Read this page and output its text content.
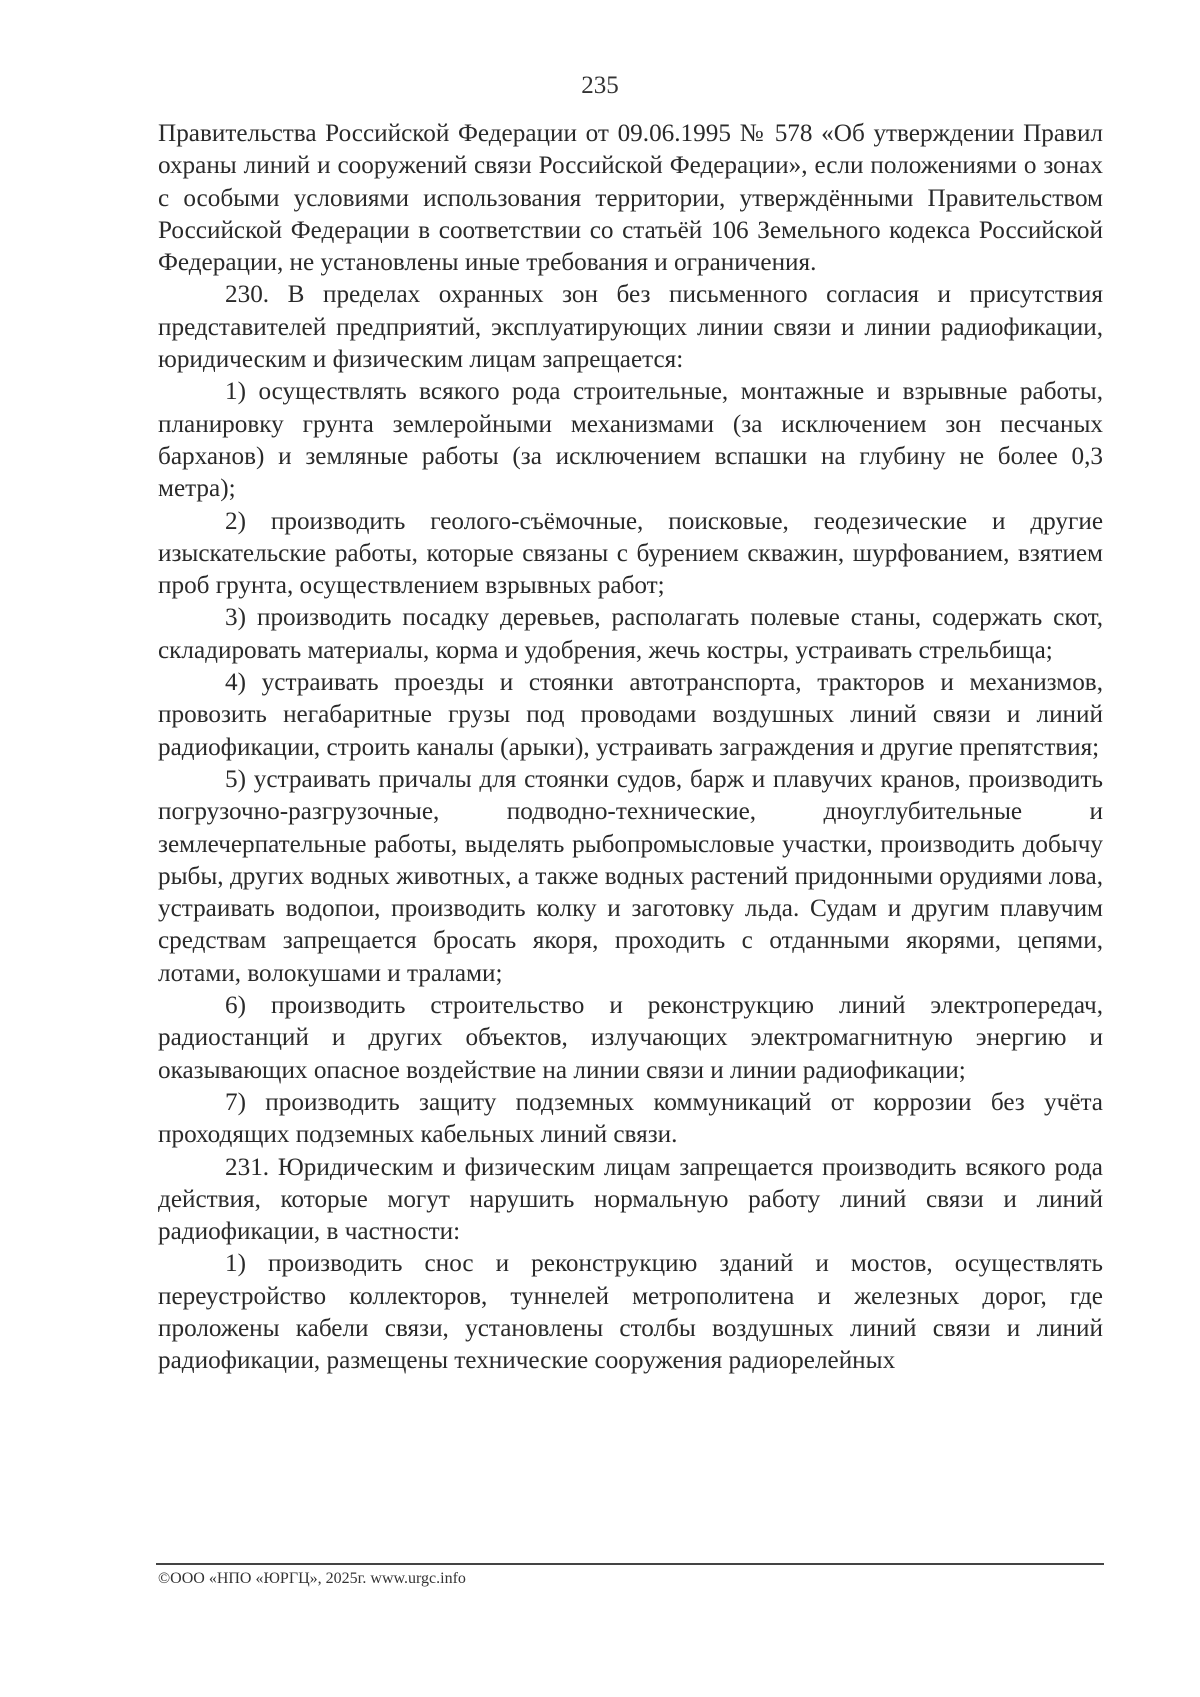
235

Правительства Российской Федерации от 09.06.1995 № 578 «Об утверждении Правил охраны линий и сооружений связи Российской Федерации», если положениями о зонах с особыми условиями использования территории, утверждёнными Правительством Российской Федерации в соответствии со статьёй 106 Земельного кодекса Российской Федерации, не установлены иные требования и ограничения.

230. В пределах охранных зон без письменного согласия и присутствия представителей предприятий, эксплуатирующих линии связи и линии радиофикации, юридическим и физическим лицам запрещается:

1) осуществлять всякого рода строительные, монтажные и взрывные работы, планировку грунта землеройными механизмами (за исключением зон песчаных барханов) и земляные работы (за исключением вспашки на глубину не более 0,3 метра);

2) производить геолого-съёмочные, поисковые, геодезические и другие изыскательские работы, которые связаны с бурением скважин, шурфованием, взятием проб грунта, осуществлением взрывных работ;

3) производить посадку деревьев, располагать полевые станы, содержать скот, складировать материалы, корма и удобрения, жечь костры, устраивать стрельбища;

4) устраивать проезды и стоянки автотранспорта, тракторов и механизмов, провозить негабаритные грузы под проводами воздушных линий связи и линий радиофикации, строить каналы (арыки), устраивать заграждения и другие препятствия;

5) устраивать причалы для стоянки судов, барж и плавучих кранов, производить погрузочно-разгрузочные, подводно-технические, дноуглубительные и землечерпательные работы, выделять рыбопромысловые участки, производить добычу рыбы, других водных животных, а также водных растений придонными орудиями лова, устраивать водопои, производить колку и заготовку льда. Судам и другим плавучим средствам запрещается бросать якоря, проходить с отданными якорями, цепями, лотами, волокушами и тралами;

6) производить строительство и реконструкцию линий электропередач, радиостанций и других объектов, излучающих электромагнитную энергию и оказывающих опасное воздействие на линии связи и линии радиофикации;

7) производить защиту подземных коммуникаций от коррозии без учёта проходящих подземных кабельных линий связи.

231. Юридическим и физическим лицам запрещается производить всякого рода действия, которые могут нарушить нормальную работу линий связи и линий радиофикации, в частности:

1) производить снос и реконструкцию зданий и мостов, осуществлять переустройство коллекторов, туннелей метрополитена и железных дорог, где проложены кабели связи, установлены столбы воздушных линий связи и линий радиофикации, размещены технические сооружения радиорелейных

©ООО «НПО «ЮРГЦ», 2025г. www.urgc.info
